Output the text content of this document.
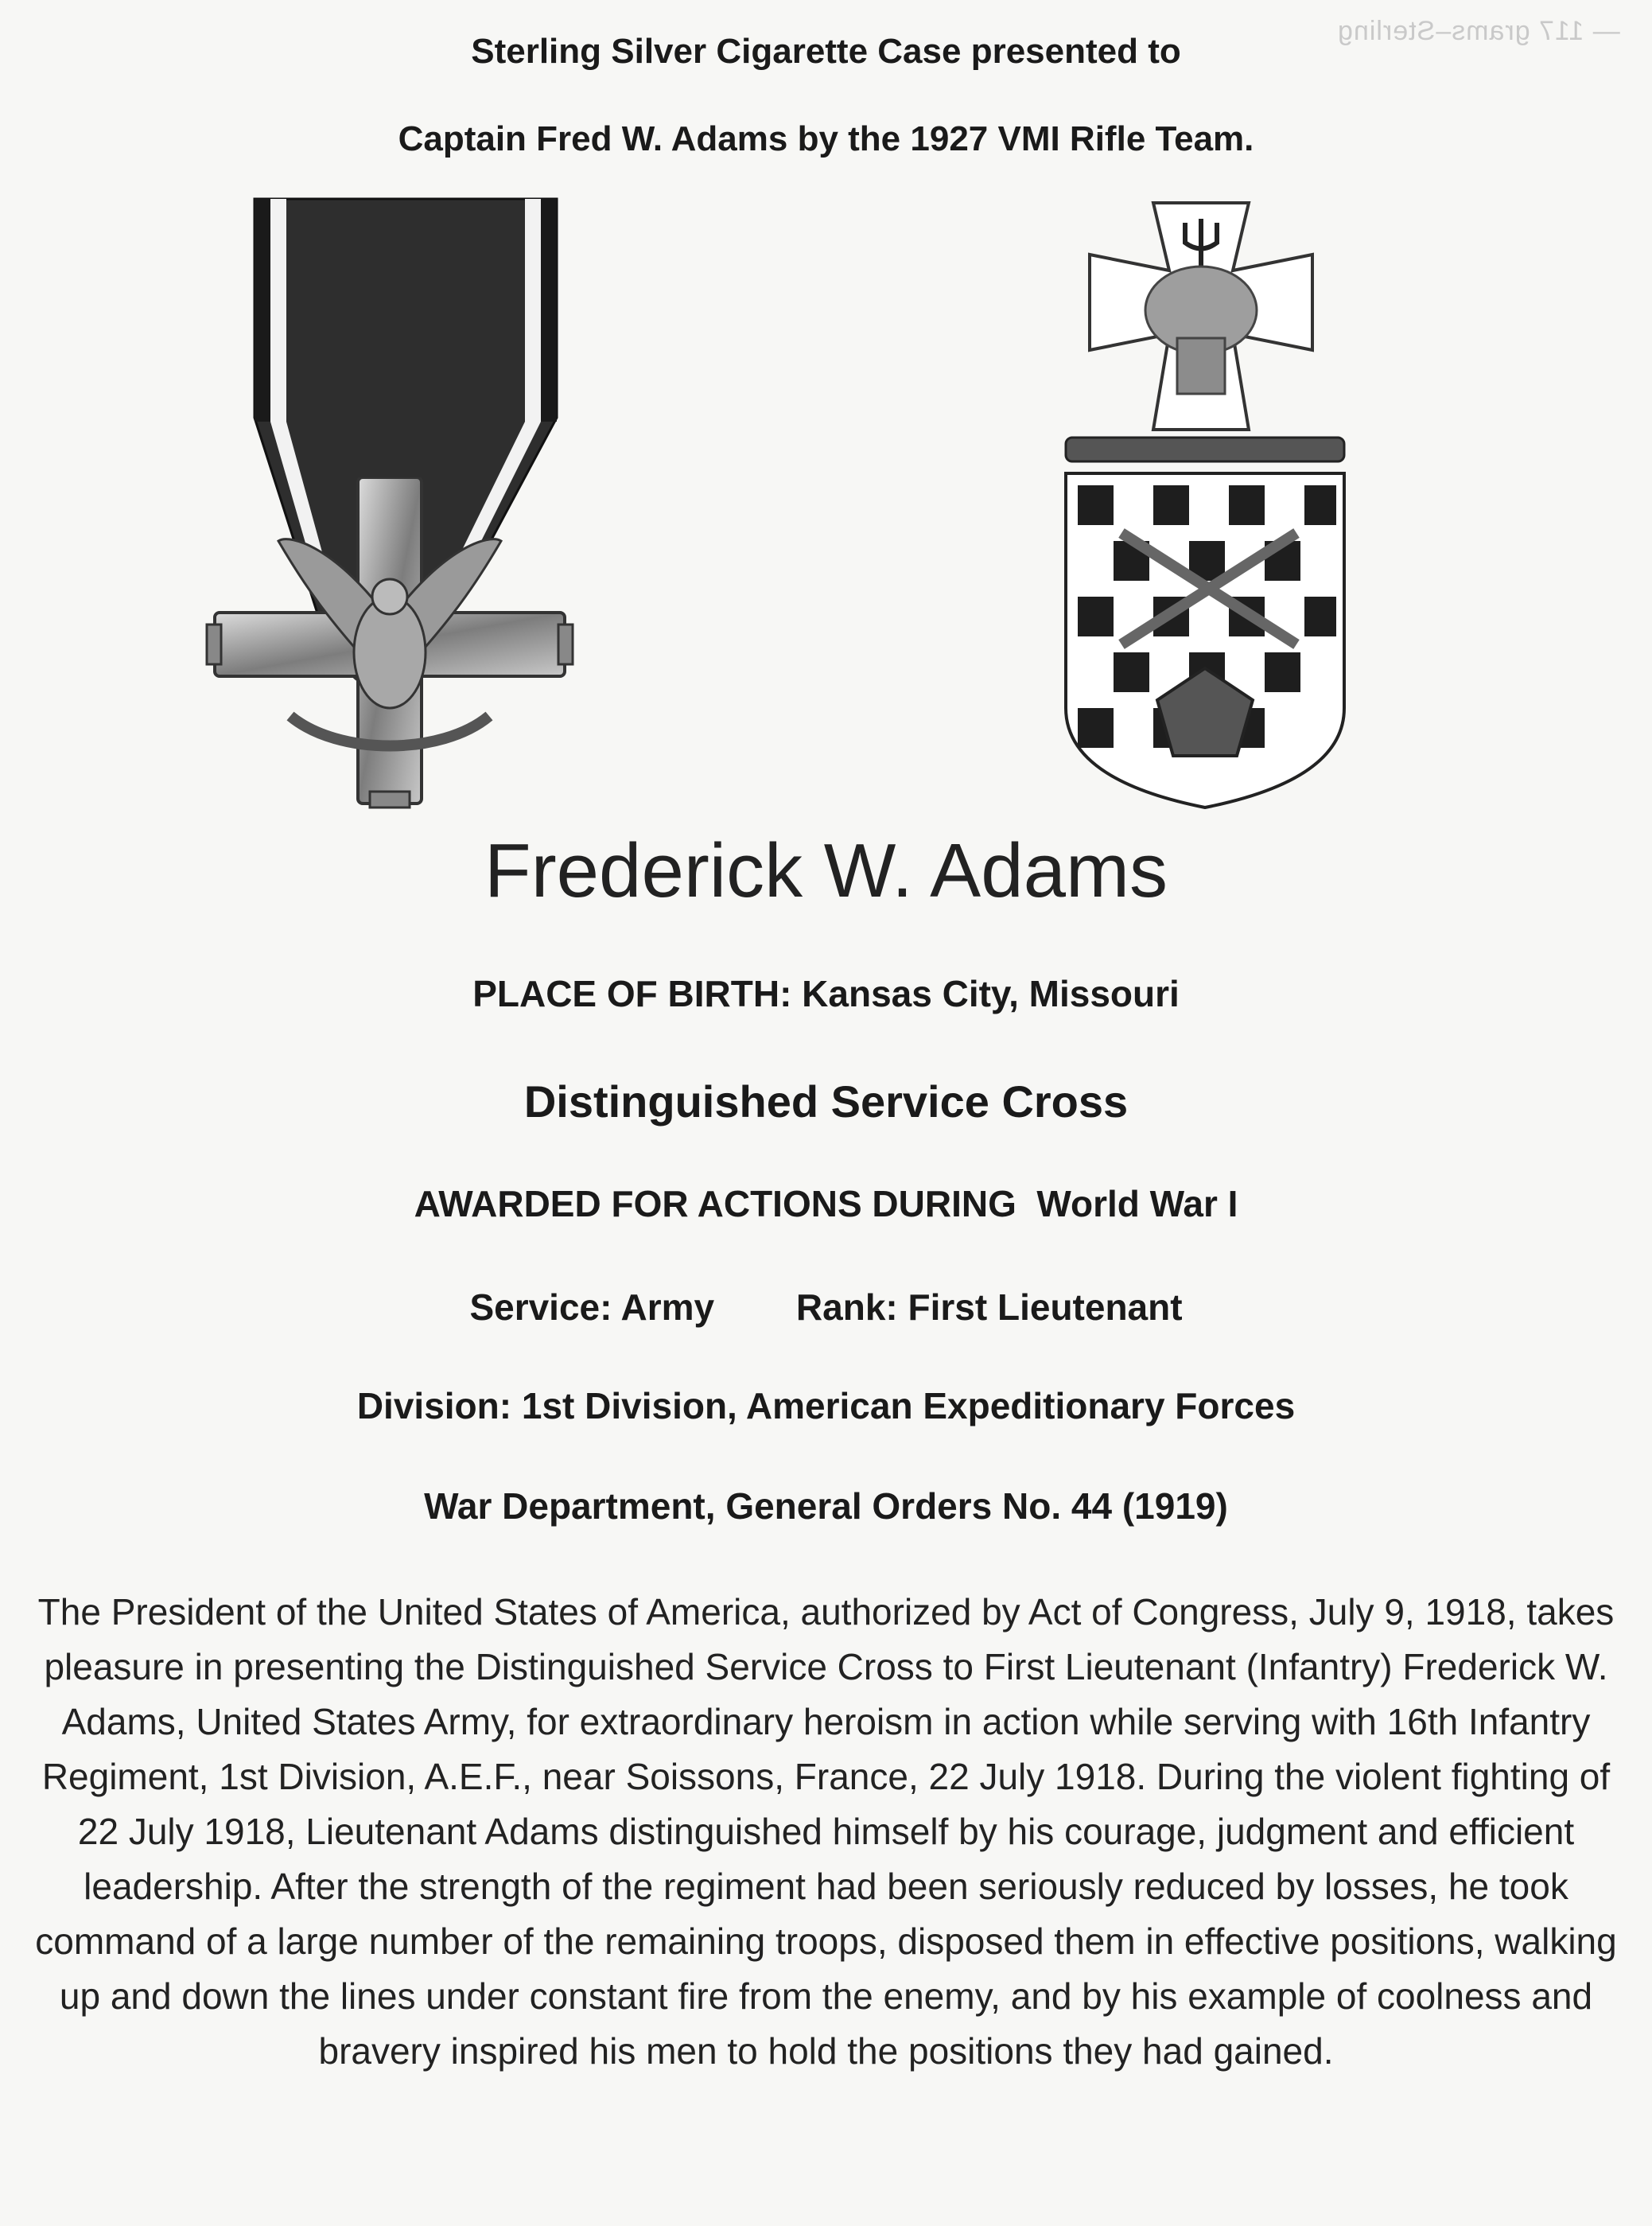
— 117 grams–Sterling
Sterling Silver Cigarette Case presented to
Captain Fred W. Adams by the 1927 VMI Rifle Team.
Frederick W. Adams
PLACE OF BIRTH: Kansas City, Missouri
Distinguished Service Cross
AWARDED FOR ACTIONS DURING World War I
Service: Army Rank: First Lieutenant
Division: 1st Division, American Expeditionary Forces
War Department, General Orders No. 44 (1919)
The President of the United States of America, authorized by Act of Congress, July 9, 1918, takes pleasure in presenting the Distinguished Service Cross to First Lieutenant (Infantry) Frederick W. Adams, United States Army, for extraordinary heroism in action while serving with 16th Infantry Regiment, 1st Division, A.E.F., near Soissons, France, 22 July 1918. During the violent fighting of 22 July 1918, Lieutenant Adams distinguished himself by his courage, judgment and efficient leadership. After the strength of the regiment had been seriously reduced by losses, he took command of a large number of the remaining troops, disposed them in effective positions, walking up and down the lines under constant fire from the enemy, and by his example of coolness and bravery inspired his men to hold the positions they had gained.
